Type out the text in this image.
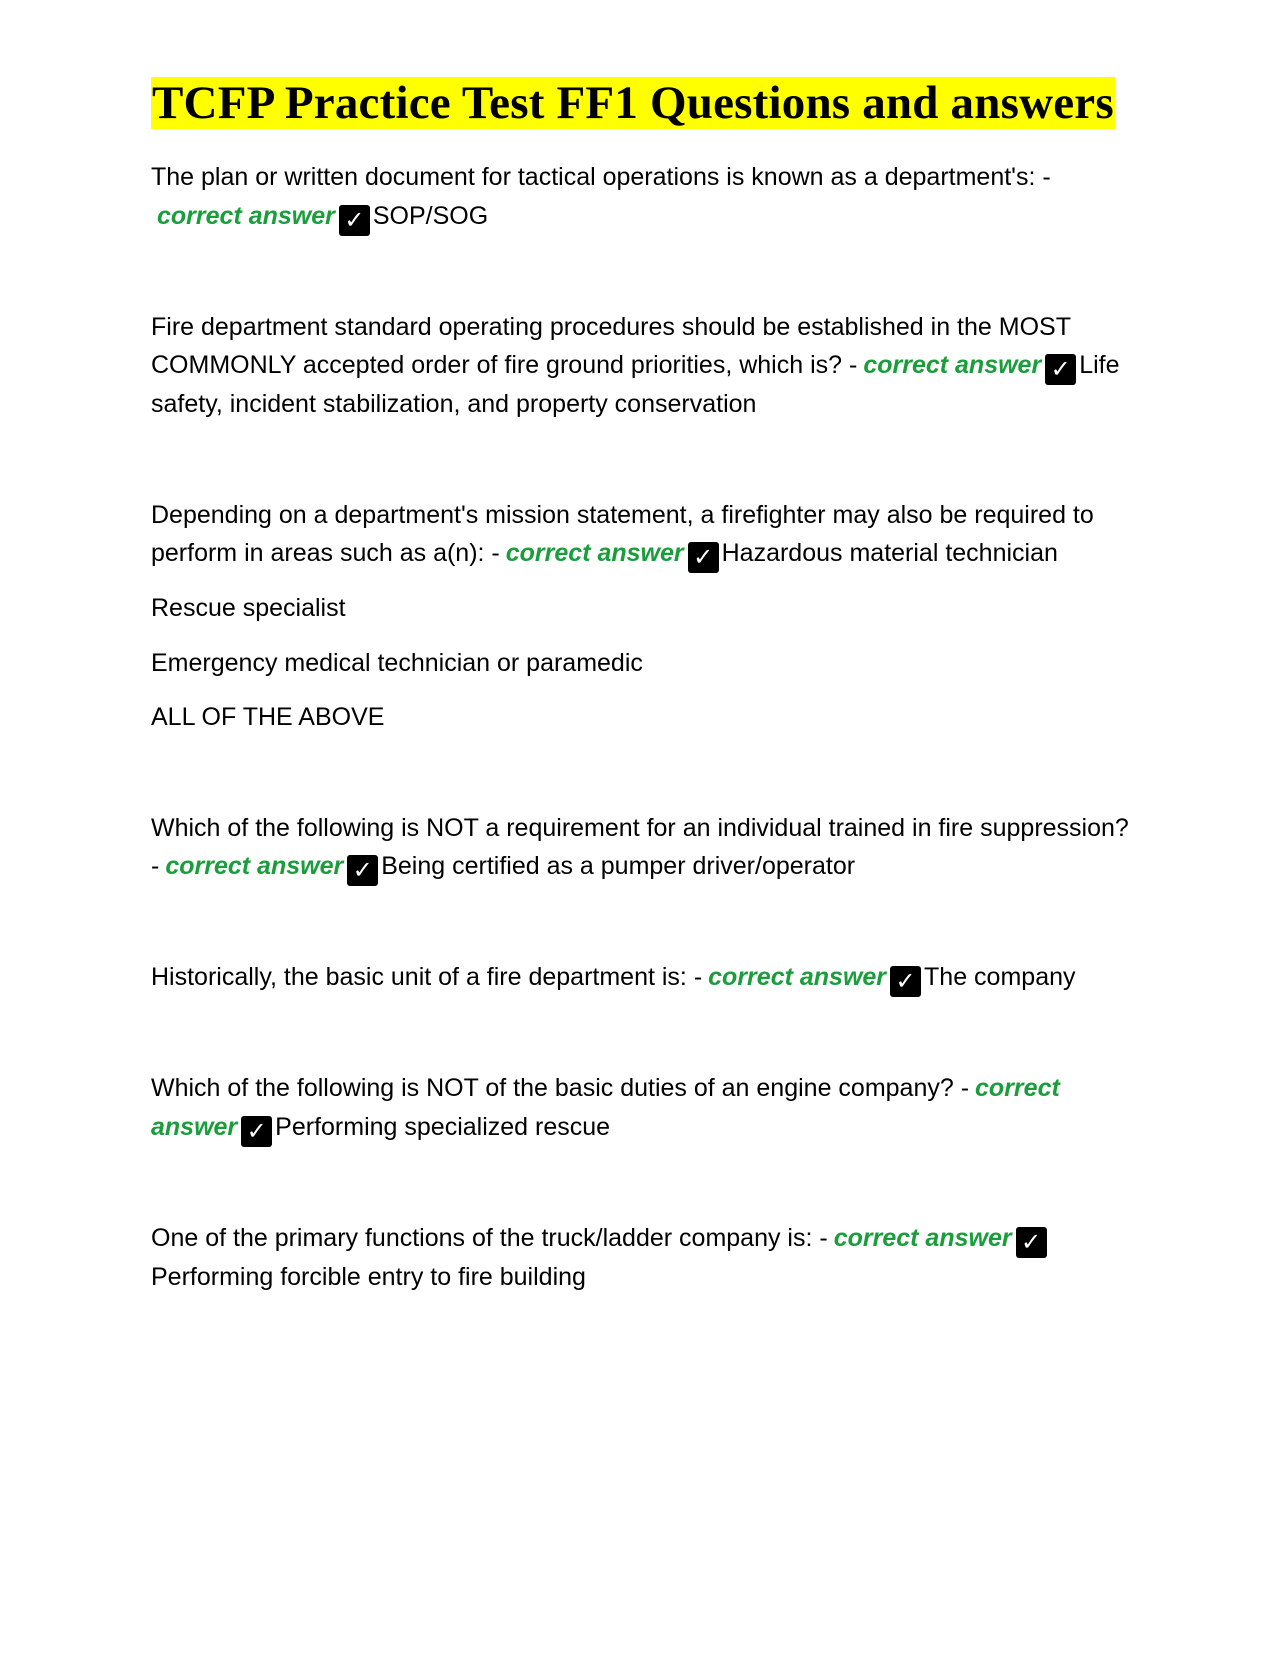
TCFP Practice Test FF1 Questions and answers

The plan or written document for tactical operations is known as a department's: -correct answer ✓ SOP/SOG

Fire department standard operating procedures should be established in the MOST COMMONLY accepted order of fire ground priorities, which is? - correct answer ✓ Life safety, incident stabilization, and property conservation

Depending on a department's mission statement, a firefighter may also be required to perform in areas such as a(n): - correct answer ✓ Hazardous material technician

Rescue specialist

Emergency medical technician or paramedic

ALL OF THE ABOVE

Which of the following is NOT a requirement for an individual trained in fire suppression? - correct answer ✓ Being certified as a pumper driver/operator

Historically, the basic unit of a fire department is: - correct answer ✓ The company

Which of the following is NOT of the basic duties of an engine company? - correct answer ✓ Performing specialized rescue

One of the primary functions of the truck/ladder company is: - correct answer ✓Performing forcible entry to fire building
